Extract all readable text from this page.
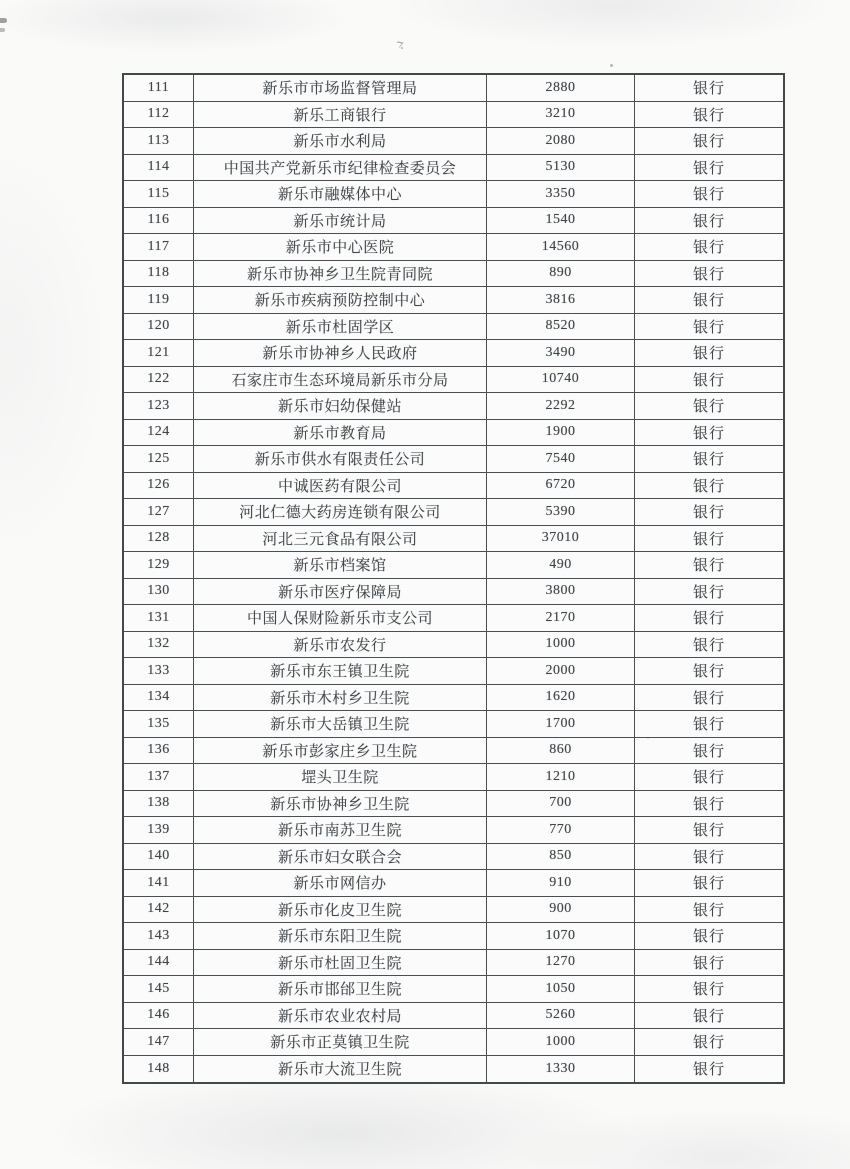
111	新乐市市场监督管理局	2880	银行
112	新乐工商银行	3210	银行
113	新乐市水利局	2080	银行
114	中国共产党新乐市纪律检查委员会	5130	银行
115	新乐市融媒体中心	3350	银行
116	新乐市统计局	1540	银行
117	新乐市中心医院	14560	银行
118	新乐市协神乡卫生院青同院	890	银行
119	新乐市疾病预防控制中心	3816	银行
120	新乐市杜固学区	8520	银行
121	新乐市协神乡人民政府	3490	银行
122	石家庄市生态环境局新乐市分局	10740	银行
123	新乐市妇幼保健站	2292	银行
124	新乐市教育局	1900	银行
125	新乐市供水有限责任公司	7540	银行
126	中诚医药有限公司	6720	银行
127	河北仁德大药房连锁有限公司	5390	银行
128	河北三元食品有限公司	37010	银行
129	新乐市档案馆	490	银行
130	新乐市医疗保障局	3800	银行
131	中国人保财险新乐市支公司	2170	银行
132	新乐市农发行	1000	银行
133	新乐市东王镇卫生院	2000	银行
134	新乐市木村乡卫生院	1620	银行
135	新乐市大岳镇卫生院	1700	银行
136	新乐市彭家庄乡卫生院	860	银行
137	堽头卫生院	1210	银行
138	新乐市协神乡卫生院	700	银行
139	新乐市南苏卫生院	770	银行
140	新乐市妇女联合会	850	银行
141	新乐市网信办	910	银行
142	新乐市化皮卫生院	900	银行
143	新乐市东阳卫生院	1070	银行
144	新乐市杜固卫生院	1270	银行
145	新乐市邯邰卫生院	1050	银行
146	新乐市农业农村局	5260	银行
147	新乐市正莫镇卫生院	1000	银行
148	新乐市大流卫生院	1330	银行
